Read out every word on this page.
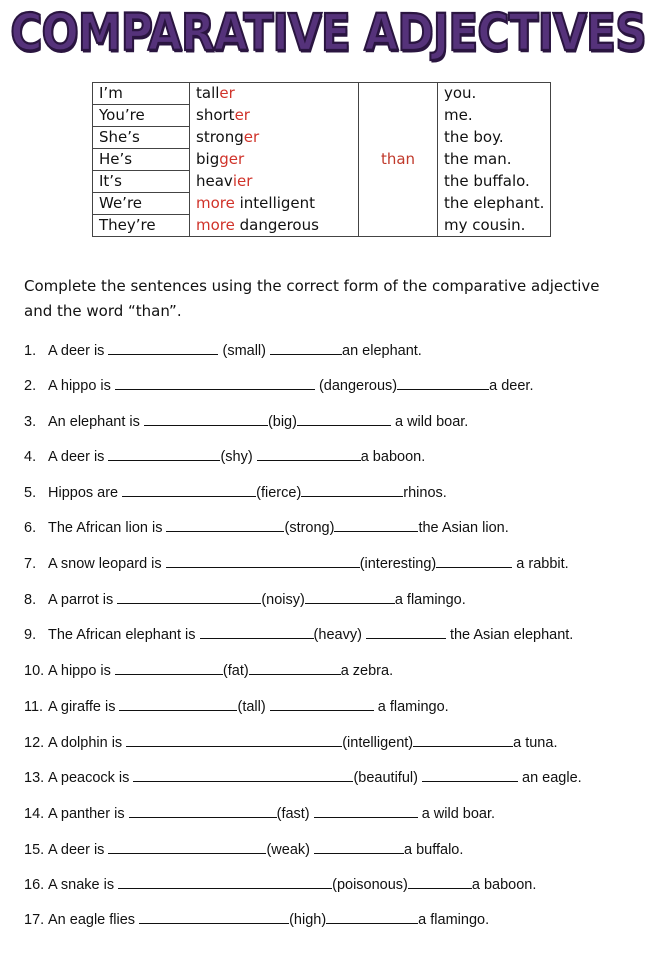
COMPARATIVE ADJECTIVES
I’m	taller	than	you.
You’re	shorter		me.
She’s	stronger		the boy.
He’s	bigger		the man.
It’s	heavier		the buffalo.
We’re	more intelligent		the elephant.
They’re	more dangerous		my cousin.
Complete the sentences using the correct form of the comparative adjective and the word “than”.
1. A deer is	(small)	an elephant.
2. A hippo is	(dangerous)	a deer.
3. An elephant is	(big)	a wild boar.
4. A deer is	(shy)	a baboon.
5. Hippos are	(fierce)	rhinos.
6. The African lion is	(strong)	the Asian lion.
7. A snow leopard is	(interesting)	a rabbit.
8. A parrot is	(noisy)	a flamingo.
9. The African elephant is	(heavy)	the Asian elephant.
10. A hippo is	(fat)	a zebra.
11. A giraffe is	(tall)	a flamingo.
12. A dolphin is	(intelligent)	a tuna.
13. A peacock is	(beautiful)	an eagle.
14. A panther is	(fast)	a wild boar.
15. A deer is	(weak)	a buffalo.
16. A snake is	(poisonous)	a baboon.
17. An eagle flies	(high)	a flamingo.
